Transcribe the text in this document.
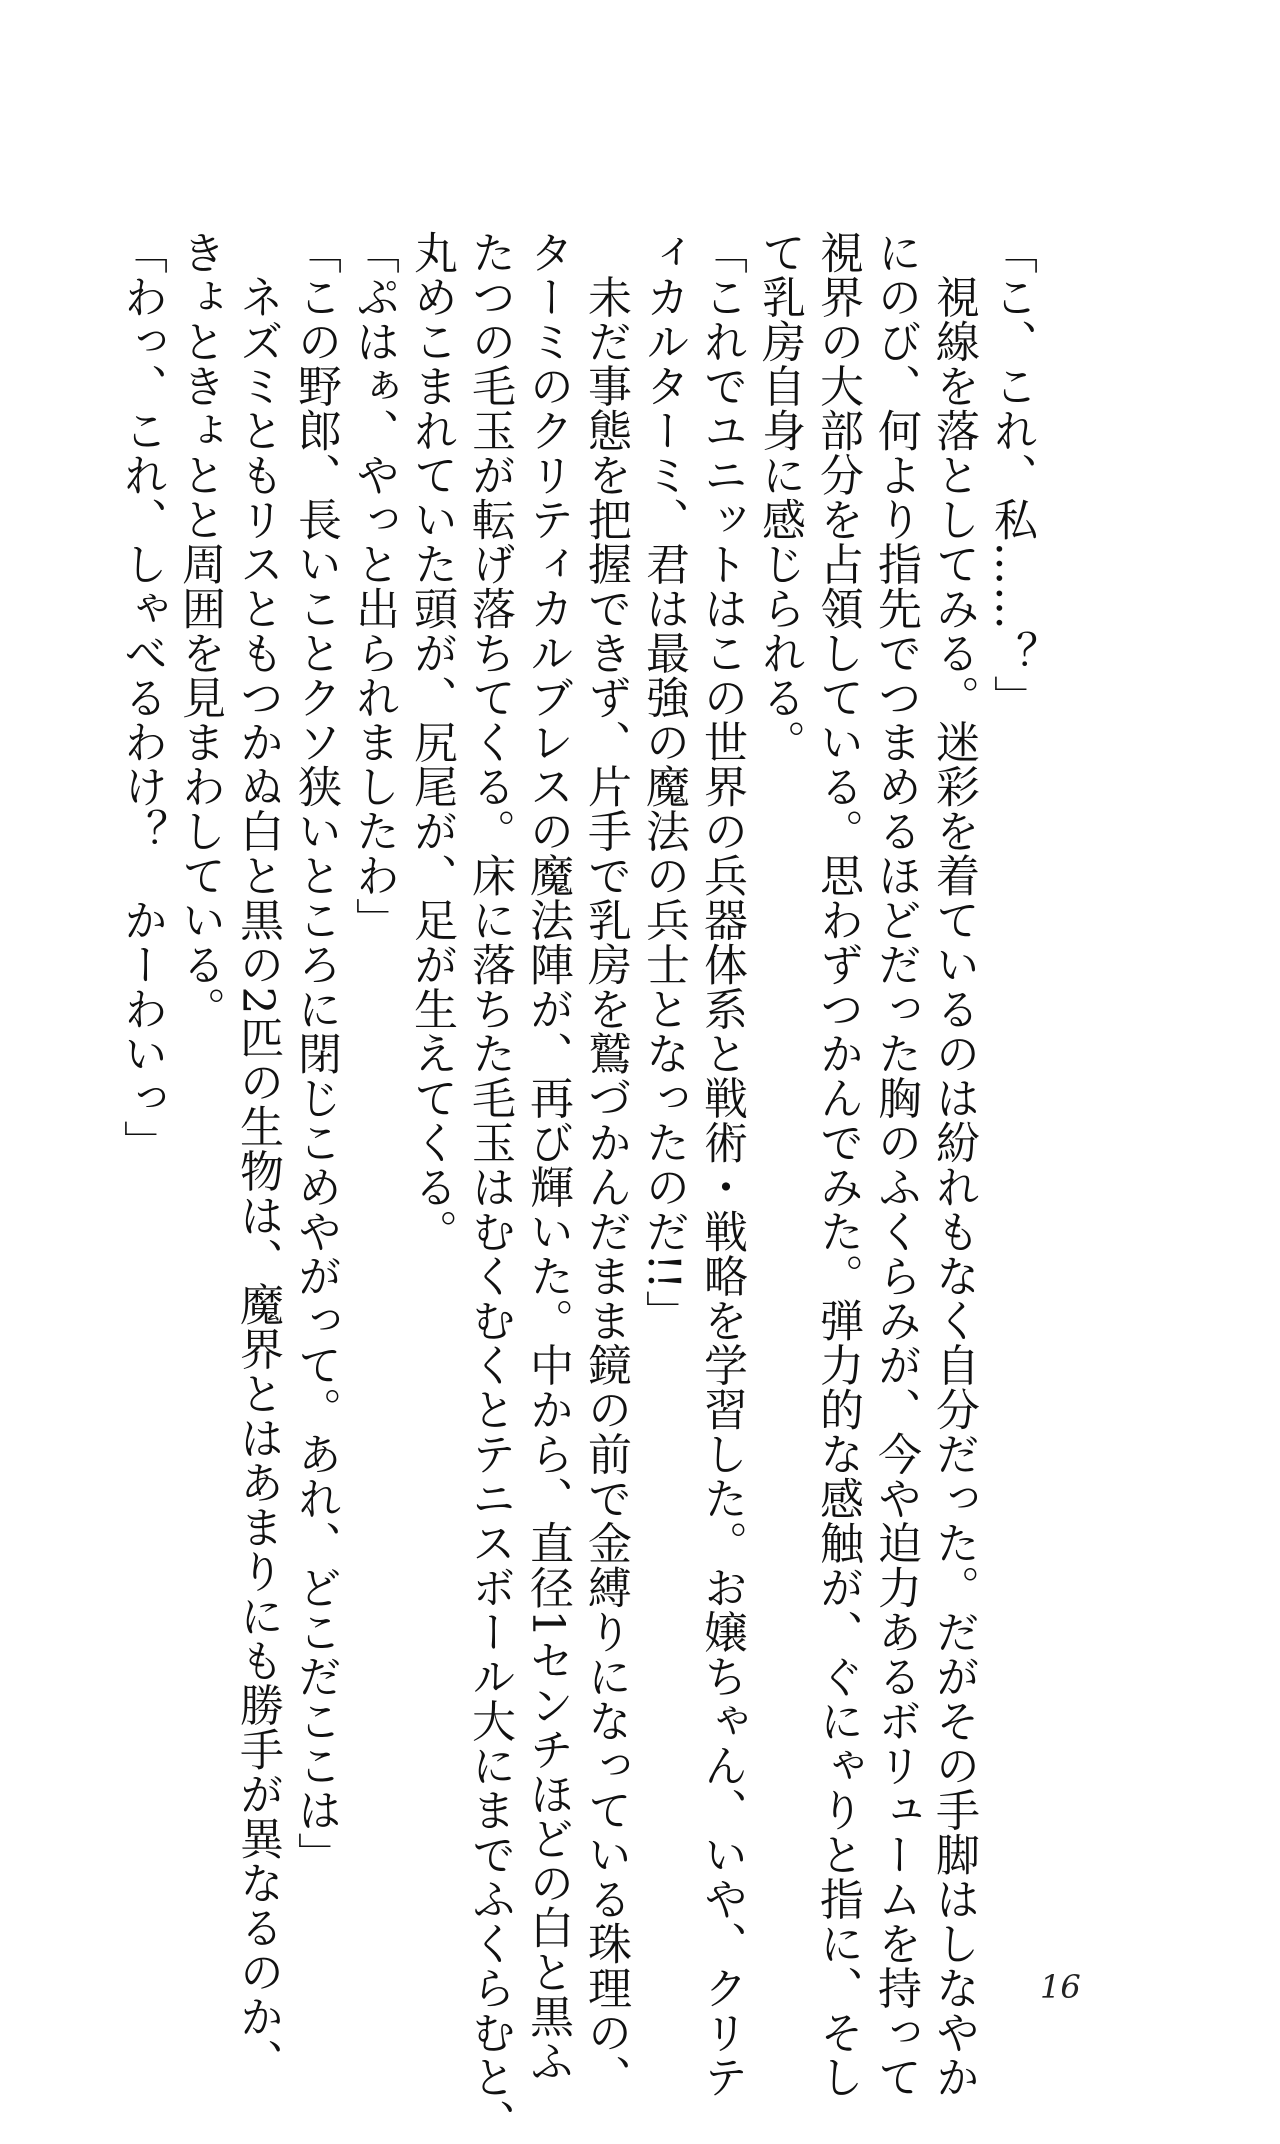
「こ、これ、私……？」
　視線を落としてみる。迷彩を着ているのは紛れもなく自分だった。だがその手脚はしなやか
にのび、何より指先でつまめるほどだった胸のふくらみが、今や迫力あるボリュームを持って
視界の大部分を占領している。思わずつかんでみた。弾力的な感触が、ぐにゃりと指に、そし
て乳房自身に感じられる。
「これでユニットはこの世界の兵器体系と戦術・戦略を学習した。お嬢ちゃん、いや、クリテ
ィカルターミ、君は最強の魔法の兵士となったのだ!!」
　未だ事態を把握できず、片手で乳房を鷲づかんだまま鏡の前で金縛りになっている珠理の、
ターミのクリティカルブレスの魔法陣が、再び輝いた。中から、直径1センチほどの白と黒ふ
たつの毛玉が転げ落ちてくる。床に落ちた毛玉はむくむくとテニスボール大にまでふくらむと、
丸めこまれていた頭が、尻尾が、足が生えてくる。
「ぷはぁ、やっと出られましたわ」
「この野郎、長いことクソ狭いところに閉じこめやがって。あれ、どこだここは」
　ネズミともリスともつかぬ白と黒の2匹の生物は、魔界とはあまりにも勝手が異なるのか、
きょときょとと周囲を見まわしている。
「わっ、これ、しゃべるわけ？　かーわいっ」
16
